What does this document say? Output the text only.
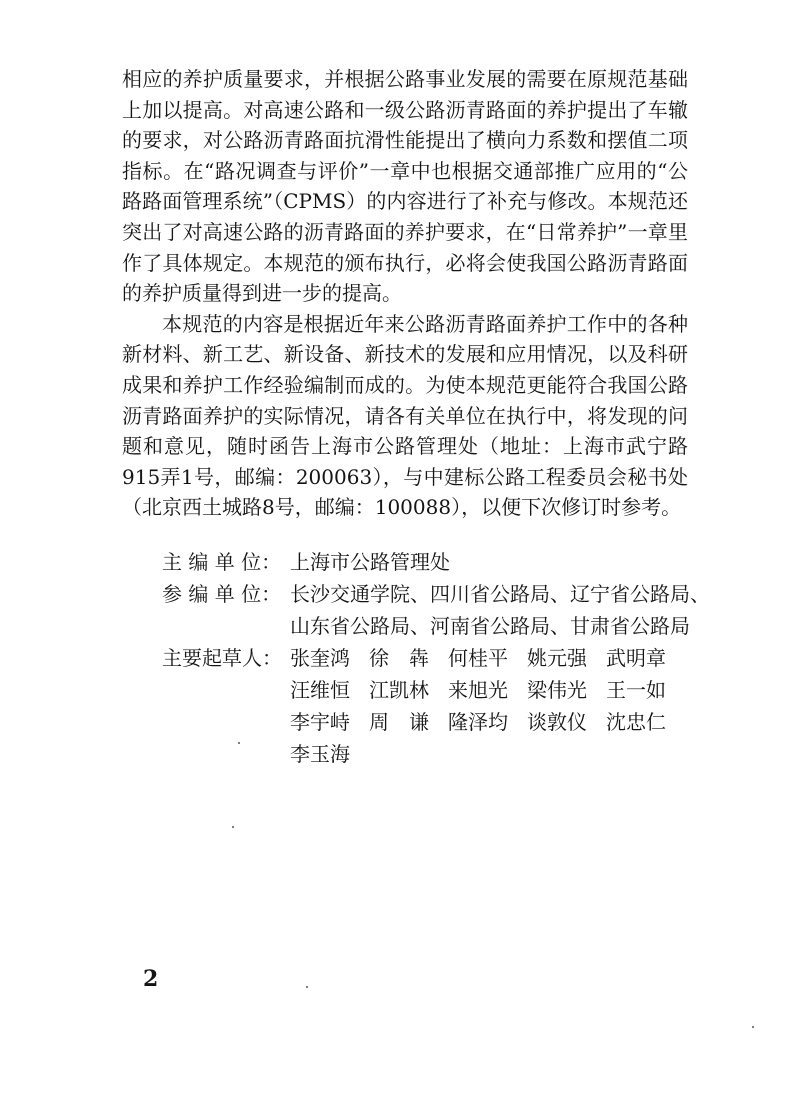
相应的养护质量要求，并根据公路事业发展的需要在原规范基础上加以提高。对高速公路和一级公路沥青路面的养护提出了车辙的要求，对公路沥青路面抗滑性能提出了横向力系数和摆值二项指标。在“路况调查与评价”一章中也根据交通部推广应用的“公路路面管理系统”（CPMS）的内容进行了补充与修改。本规范还突出了对高速公路的沥青路面的养护要求，在“日常养护”一章里作了具体规定。本规范的颁布执行，必将会使我国公路沥青路面的养护质量得到进一步的提高。

本规范的内容是根据近年来公路沥青路面养护工作中的各种新材料、新工艺、新设备、新技术的发展和应用情况，以及科研成果和养护工作经验编制而成的。为使本规范更能符合我国公路沥青路面养护的实际情况，请各有关单位在执行中，将发现的问题和意见，随时函告上海市公路管理处（地址：上海市武宁路915弄1号，邮编：200063），与中建标公路工程委员会秘书处（北京西土城路8号，邮编：100088），以便下次修订时参考。

主 编 单 位： 上海市公路管理处
参 编 单 位： 长沙交通学院、四川省公路局、辽宁省公路局、
山东省公路局、河南省公路局、甘肃省公路局
主要起草人： 张奎鸿 徐　犇 何桂平 姚元强 武明章
汪维恒 江凯林 来旭光 梁伟光 王一如
李宇峙 周　谦 隆泽均 谈敦仪 沈忠仁
李玉海
2
